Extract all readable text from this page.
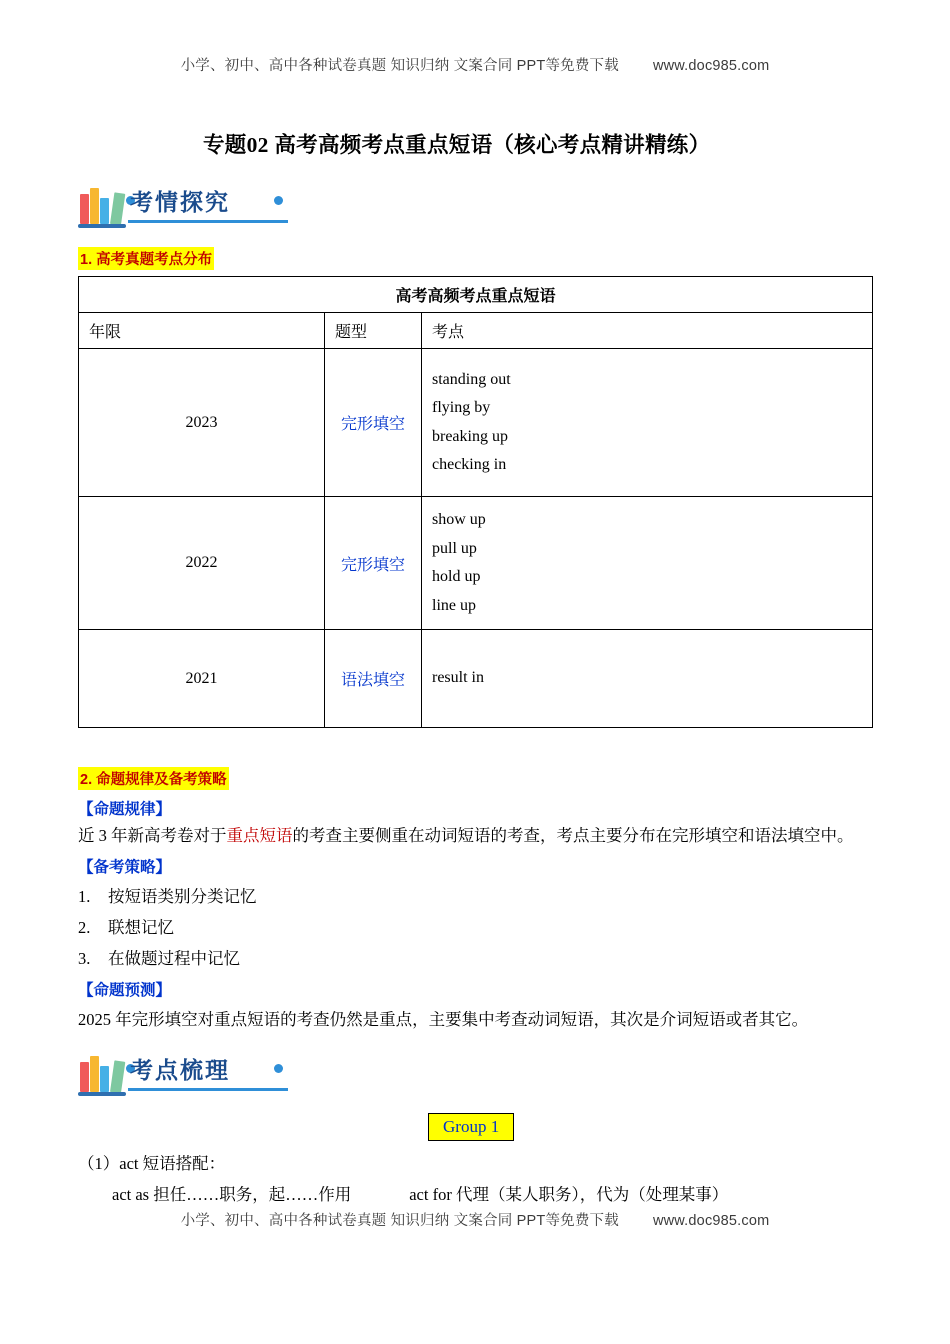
小学、初中、高中各种试卷真题 知识归纳 文案合同 PPT等免费下载 www.doc985.com
专题02 高考高频考点重点短语（核心考点精讲精练）
考情探究
1. 高考真题考点分布
高考高频考点重点短语		
年限	题型	考点
2023	完形填空	standing out
flying by
breaking up
checking in

2022	完形填空	show up
pull up
hold up
line up

2021	语法填空	result in
2. 命题规律及备考策略
【命题规律】
近 3 年新高考卷对于重点短语的考查主要侧重在动词短语的考查，考点主要分布在完形填空和语法填空中。
【备考策略】
1. 按短语类别分类记忆
2. 联想记忆
3. 在做题过程中记忆
【命题预测】
2025 年完形填空对重点短语的考查仍然是重点，主要集中考查动词短语，其次是介词短语或者其它。
考点梳理
Group 1
（1）act 短语搭配：
act as 担任……职务，起……作用	act for 代理（某人职务），代为（处理某事）
小学、初中、高中各种试卷真题 知识归纳 文案合同 PPT等免费下载 www.doc985.com
